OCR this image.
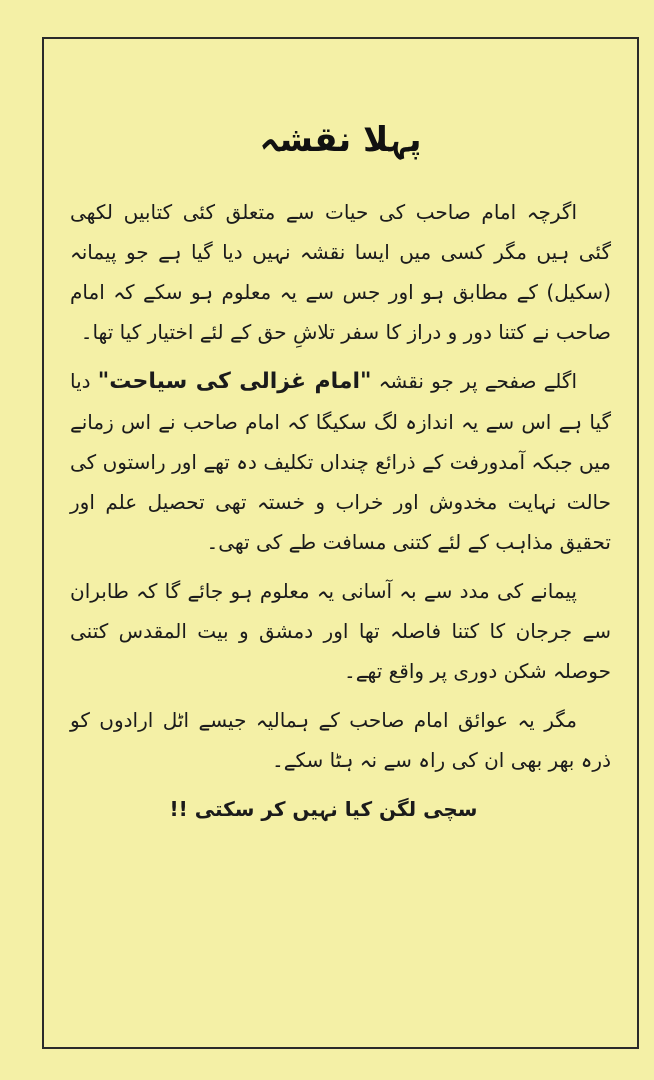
پہلا نقشہ

اگرچہ امام صاحب کی حیات سے متعلق کئی کتابیں لکھی گئی ہیں مگر کسی میں ایسا نقشہ نہیں دیا گیا ہے جو پیمانہ (سکیل) کے مطابق ہو اور جس سے یہ معلوم ہو سکے کہ امام صاحب نے کتنا دور و دراز کا سفر تلاشِ حق کے لئے اختیار کیا تھا۔

اگلے صفحے پر جو نقشہ "امام غزالی کی سیاحت" دیا گیا ہے اس سے یہ اندازہ لگ سکیگا کہ امام صاحب نے اس زمانے میں جبکہ آمدورفت کے ذرائع چنداں تکلیف دہ تھے اور راستوں کی حالت نہایت مخدوش اور خراب و خستہ تھی تحصیل علم اور تحقیق مذاہب کے لئے کتنی مسافت طے کی تھی۔

پیمانے کی مدد سے بہ آسانی یہ معلوم ہو جائے گا کہ طابران سے جرجان کا کتنا فاصلہ تھا اور دمشق و بیت المقدس کتنی حوصلہ شکن دوری پر واقع تھے۔

مگر یہ عوائق امام صاحب کے ہمالیہ جیسے اٹل ارادوں کو ذرہ بھر بھی ان کی راہ سے نہ ہٹا سکے۔

سچی لگن کیا نہیں کر سکتی !!
